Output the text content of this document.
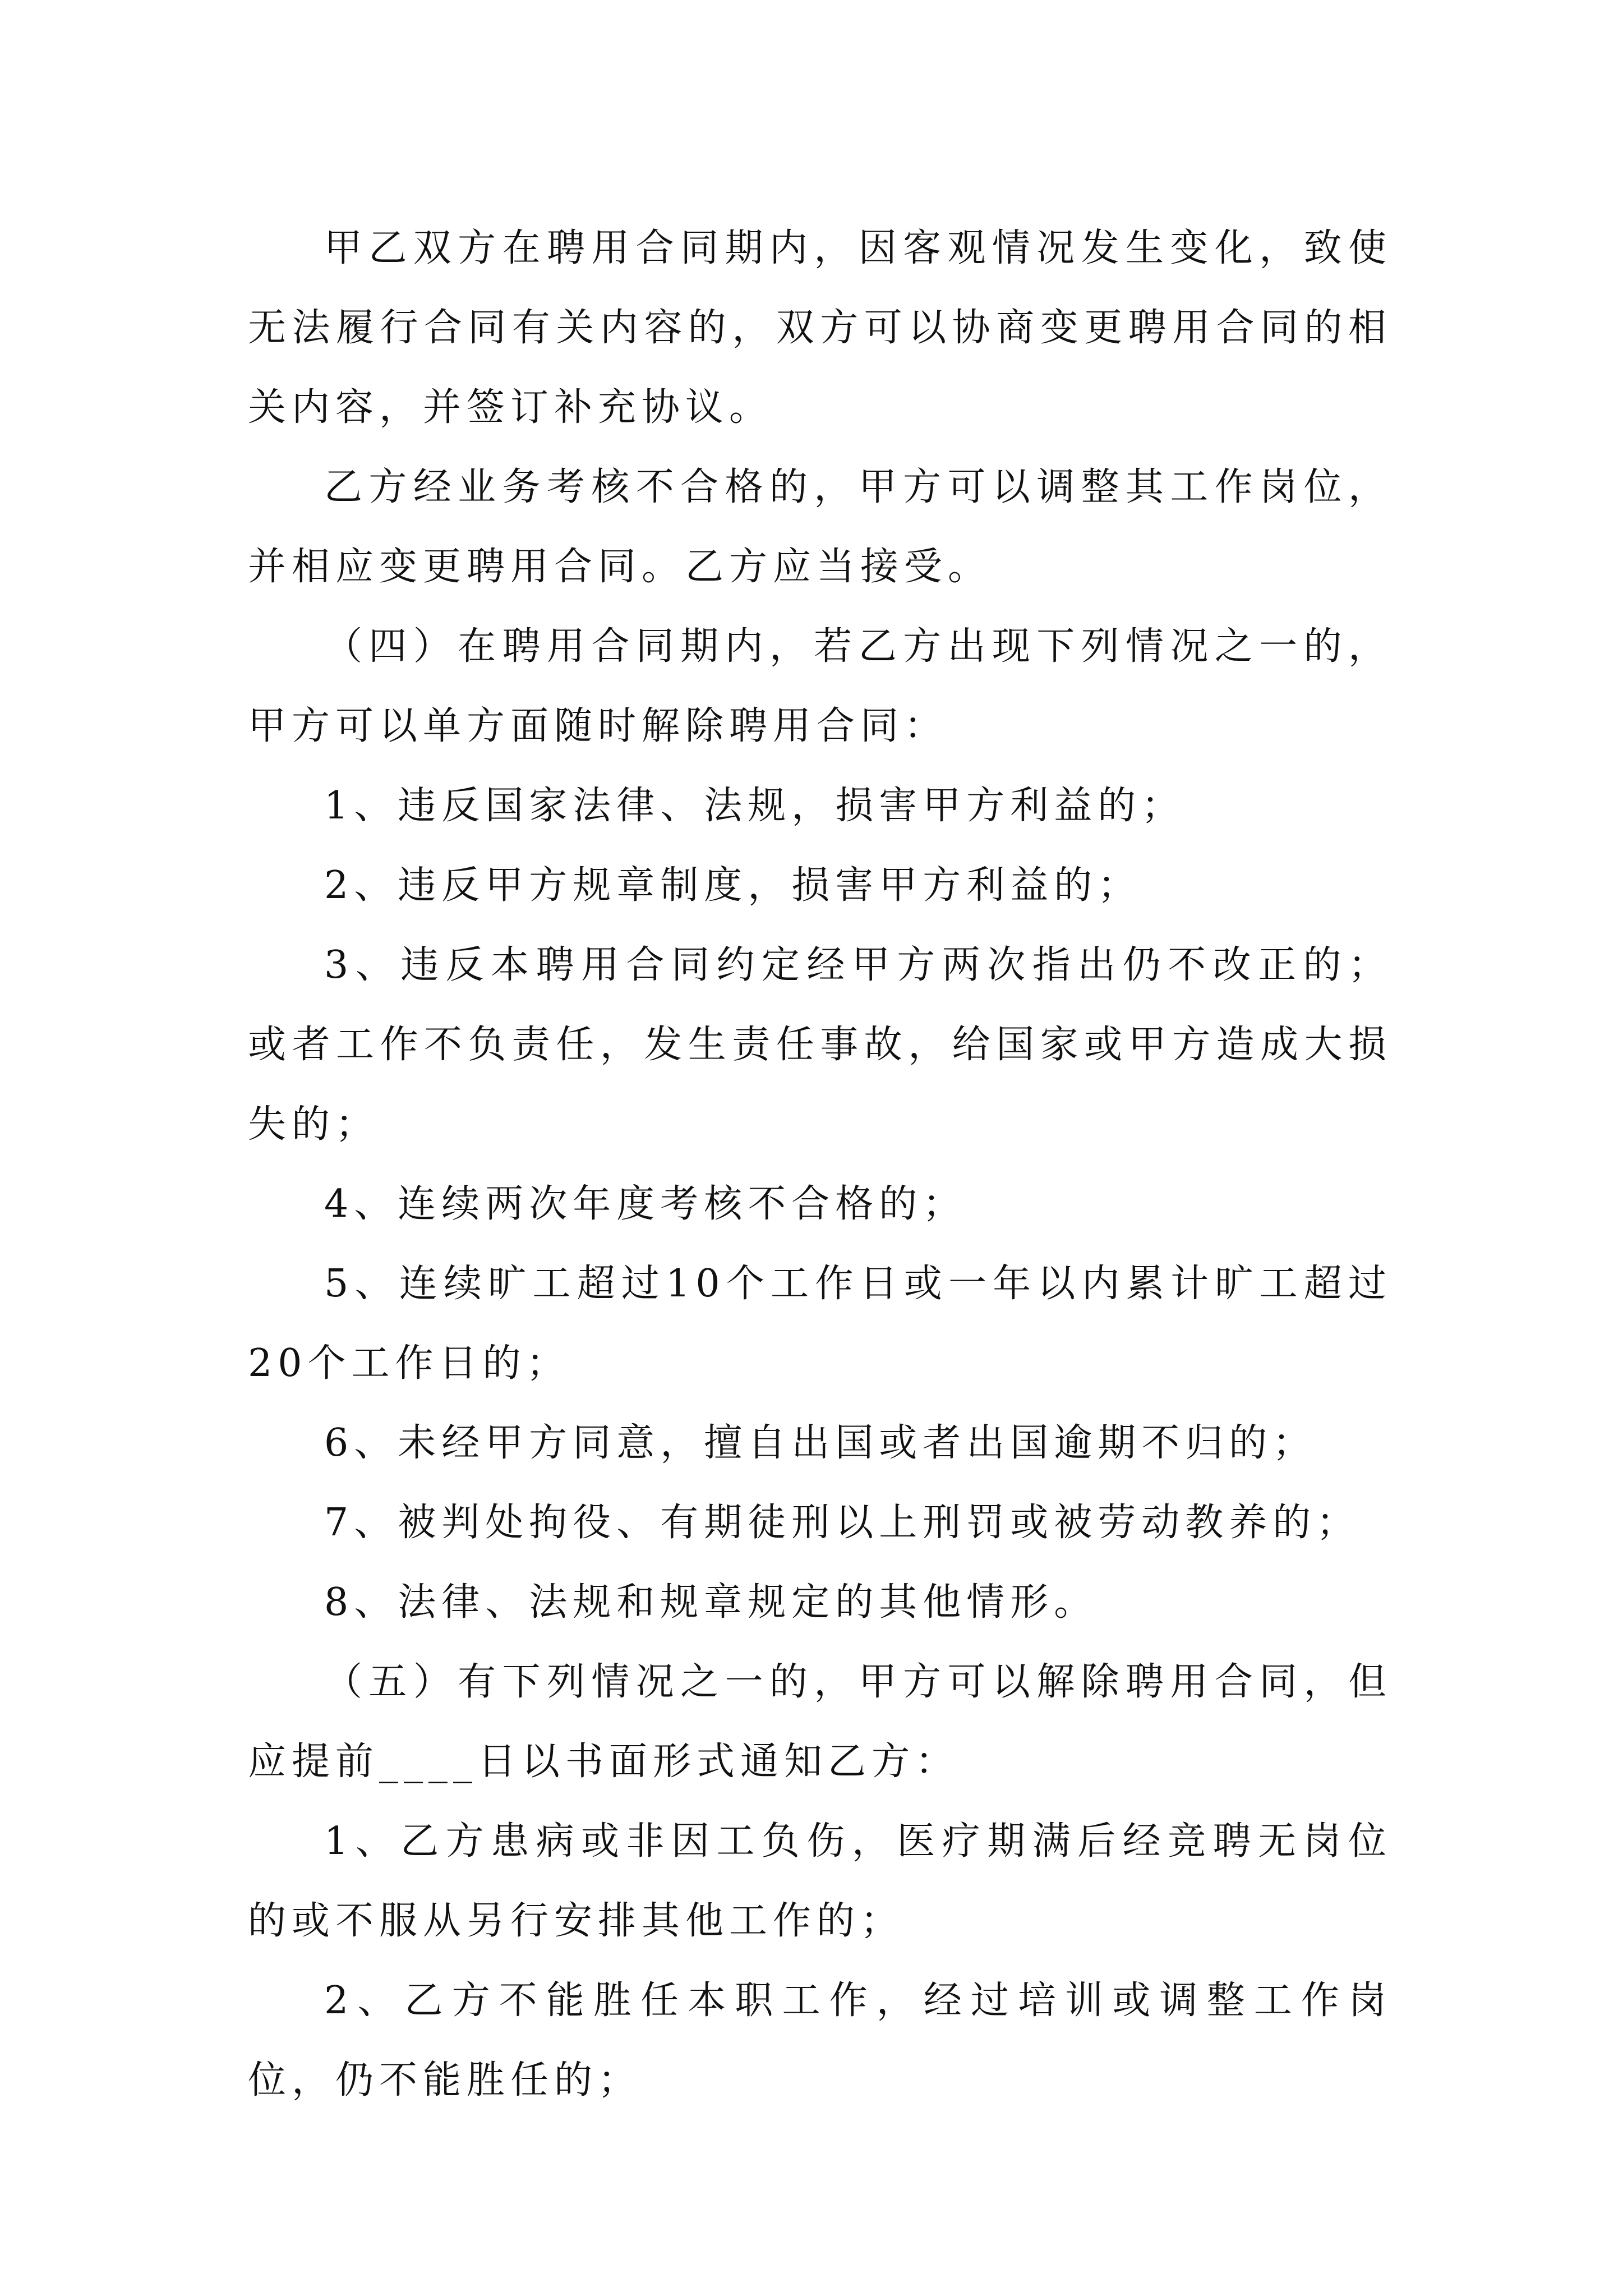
甲乙双方在聘用合同期内，因客观情况发生变化，致使无法履行合同有关内容的，双方可以协商变更聘用合同的相关内容，并签订补充协议。

乙方经业务考核不合格的，甲方可以调整其工作岗位，并相应变更聘用合同。乙方应当接受。

（四）在聘用合同期内，若乙方出现下列情况之一的，甲方可以单方面随时解除聘用合同：

1、违反国家法律、法规，损害甲方利益的；

2、违反甲方规章制度，损害甲方利益的；

3、违反本聘用合同约定经甲方两次指出仍不改正的；或者工作不负责任，发生责任事故，给国家或甲方造成大损失的；

4、连续两次年度考核不合格的；

5、连续旷工超过10个工作日或一年以内累计旷工超过20个工作日的；

6、未经甲方同意，擅自出国或者出国逾期不归的；

7、被判处拘役、有期徒刑以上刑罚或被劳动教养的；

8、法律、法规和规章规定的其他情形。

（五）有下列情况之一的，甲方可以解除聘用合同，但应提前____日以书面形式通知乙方：

1、乙方患病或非因工负伤，医疗期满后经竞聘无岗位的或不服从另行安排其他工作的；

2、乙方不能胜任本职工作，经过培训或调整工作岗位，仍不能胜任的；
